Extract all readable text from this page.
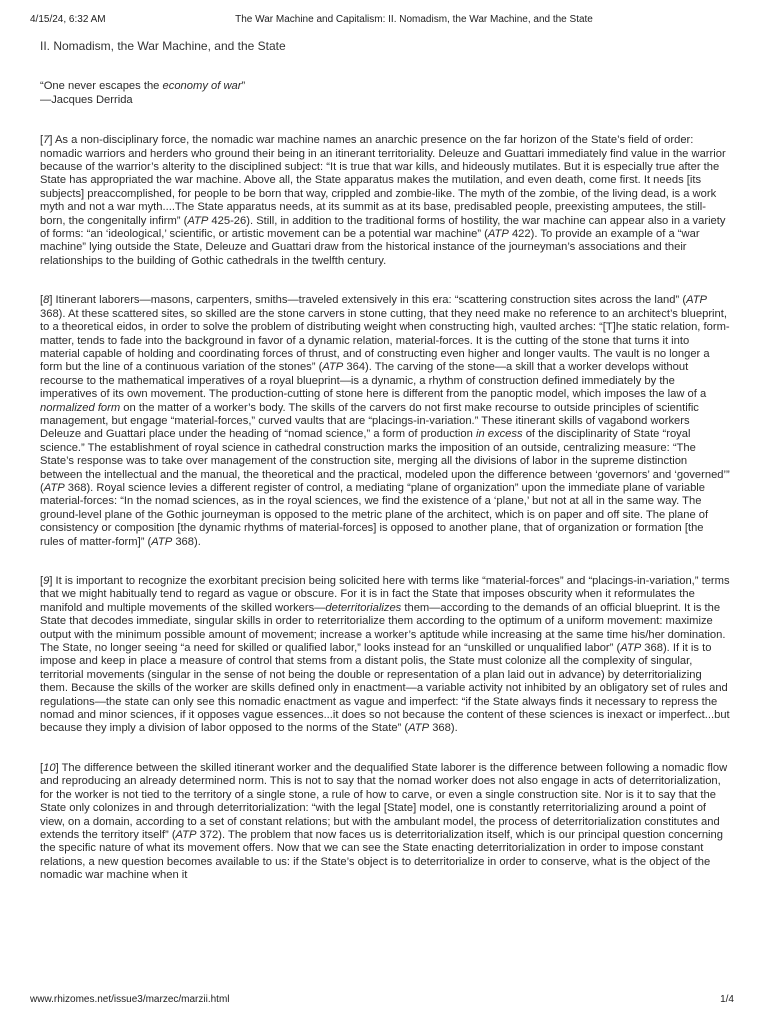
4/15/24, 6:32 AM	The War Machine and Capitalism: II. Nomadism, the War Machine, and the State
II. Nomadism, the War Machine, and the State
“One never escapes the economy of war”
—Jacques Derrida

[7] As a non-disciplinary force, the nomadic war machine names an anarchic presence on the far horizon of the State’s field of order: nomadic warriors and herders who ground their being in an itinerant territoriality. Deleuze and Guattari immediately find value in the warrior because of the warrior’s alterity to the disciplined subject: “It is true that war kills, and hideously mutilates. But it is especially true after the State has appropriated the war machine. Above all, the State apparatus makes the mutilation, and even death, come first. It needs [its subjects] preaccomplished, for people to be born that way, crippled and zombie-like. The myth of the zombie, of the living dead, is a work myth and not a war myth....The State apparatus needs, at its summit as at its base, predisabled people, preexisting amputees, the still-born, the congenitally infirm” (ATP 425-26). Still, in addition to the traditional forms of hostility, the war machine can appear also in a variety of forms: “an ‘ideological,’ scientific, or artistic movement can be a potential war machine” (ATP 422). To provide an example of a “war machine” lying outside the State, Deleuze and Guattari draw from the historical instance of the journeyman’s associations and their relationships to the building of Gothic cathedrals in the twelfth century.

[8] Itinerant laborers—masons, carpenters, smiths—traveled extensively in this era: “scattering construction sites across the land” (ATP 368). At these scattered sites, so skilled are the stone carvers in stone cutting, that they need make no reference to an architect’s blueprint, to a theoretical eidos, in order to solve the problem of distributing weight when constructing high, vaulted arches: “[T]he static relation, form-matter, tends to fade into the background in favor of a dynamic relation, material-forces. It is the cutting of the stone that turns it into material capable of holding and coordinating forces of thrust, and of constructing even higher and longer vaults. The vault is no longer a form but the line of a continuous variation of the stones” (ATP 364). The carving of the stone—a skill that a worker develops without recourse to the mathematical imperatives of a royal blueprint—is a dynamic, a rhythm of construction defined immediately by the imperatives of its own movement. The production-cutting of stone here is different from the panoptic model, which imposes the law of a normalized form on the matter of a worker’s body. The skills of the carvers do not first make recourse to outside principles of scientific management, but engage “material-forces,” curved vaults that are “placings-in-variation.” These itinerant skills of vagabond workers Deleuze and Guattari place under the heading of “nomad science,” a form of production in excess of the disciplinarity of State “royal science.” The establishment of royal science in cathedral construction marks the imposition of an outside, centralizing measure: “The State’s response was to take over management of the construction site, merging all the divisions of labor in the supreme distinction between the intellectual and the manual, the theoretical and the practical, modeled upon the difference between ‘governors’ and ‘governed’” (ATP 368). Royal science levies a different register of control, a mediating “plane of organization” upon the immediate plane of variable material-forces: “In the nomad sciences, as in the royal sciences, we find the existence of a ‘plane,’ but not at all in the same way. The ground-level plane of the Gothic journeyman is opposed to the metric plane of the architect, which is on paper and off site. The plane of consistency or composition [the dynamic rhythms of material-forces] is opposed to another plane, that of organization or formation [the rules of matter-form]” (ATP 368).

[9] It is important to recognize the exorbitant precision being solicited here with terms like “material-forces” and “placings-in-variation,” terms that we might habitually tend to regard as vague or obscure. For it is in fact the State that imposes obscurity when it reformulates the manifold and multiple movements of the skilled workers—deterritorializes them—according to the demands of an official blueprint. It is the State that decodes immediate, singular skills in order to reterritorialize them according to the optimum of a uniform movement: maximize output with the minimum possible amount of movement; increase a worker’s aptitude while increasing at the same time his/her domination. The State, no longer seeing “a need for skilled or qualified labor,” looks instead for an “unskilled or unqualified labor” (ATP 368). If it is to impose and keep in place a measure of control that stems from a distant polis, the State must colonize all the complexity of singular, territorial movements (singular in the sense of not being the double or representation of a plan laid out in advance) by deterritorializing them. Because the skills of the worker are skills defined only in enactment—a variable activity not inhibited by an obligatory set of rules and regulations—the state can only see this nomadic enactment as vague and imperfect: “if the State always finds it necessary to repress the nomad and minor sciences, if it opposes vague essences...it does so not because the content of these sciences is inexact or imperfect...but because they imply a division of labor opposed to the norms of the State” (ATP 368).

[10] The difference between the skilled itinerant worker and the dequalified State laborer is the difference between following a nomadic flow and reproducing an already determined norm. This is not to say that the nomad worker does not also engage in acts of deterritorialization, for the worker is not tied to the territory of a single stone, a rule of how to carve, or even a single construction site. Nor is it to say that the State only colonizes in and through deterritorialization: “with the legal [State] model, one is constantly reterritorializing around a point of view, on a domain, according to a set of constant relations; but with the ambulant model, the process of deterritorialization constitutes and extends the territory itself” (ATP 372). The problem that now faces us is deterritorialization itself, which is our principal question concerning the specific nature of what its movement offers. Now that we can see the State enacting deterritorialization in order to impose constant relations, a new question becomes available to us: if the State’s object is to deterritorialize in order to conserve, what is the object of the nomadic war machine when it

www.rhizomes.net/issue3/marzec/marzii.html	1/4
